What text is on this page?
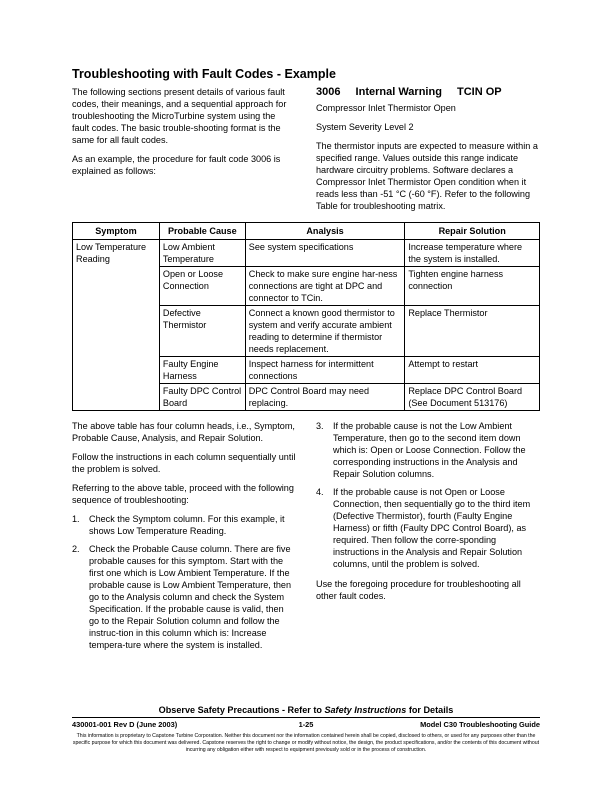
Troubleshooting with Fault Codes - Example

The following sections present details of various fault codes, their meanings, and a sequential approach for troubleshooting the MicroTurbine system using the fault codes. The basic trouble-shooting format is the same for all fault codes.

As an example, the procedure for fault code 3006 is explained as follows:

3006 Internal Warning TCIN OP

Compressor Inlet Thermistor Open

System Severity Level 2

The thermistor inputs are expected to measure within a specified range. Values outside this range indicate hardware circuitry problems. Software declares a Compressor Inlet Thermistor Open condition when it reads less than -51 °C (-60 °F). Refer to the following Table for troubleshooting matrix.

Symptom	Probable Cause	Analysis	Repair Solution
Low Temperature Reading	Low Ambient Temperature	See system specifications	Increase temperature where the system is installed.
	Open or Loose Connection	Check to make sure engine har-ness connections are tight at DPC and connector to TCin.	Tighten engine harness connection
	Defective Thermistor	Connect a known good thermistor to system and verify accurate ambient reading to determine if thermistor needs replacement.	Replace Thermistor
	Faulty Engine Harness	Inspect harness for intermittent connections	Attempt to restart
	Faulty DPC Control Board	DPC Control Board may need replacing.	Replace DPC Control Board (See Document 513176)

The above table has four column heads, i.e., Symptom, Probable Cause, Analysis, and Repair Solution.

Follow the instructions in each column sequentially until the problem is solved.

Referring to the above table, proceed with the following sequence of troubleshooting:

1. Check the Symptom column. For this example, it shows Low Temperature Reading.
2. Check the Probable Cause column. There are five probable causes for this symptom. Start with the first one which is Low Ambient Temperature. If the probable cause is Low Ambient Temperature, then go to the Analysis column and check the System Specification. If the probable cause is valid, then go to the Repair Solution column and follow the instruc-tion in this column which is: Increase tempera-ture where the system is installed.
3. If the probable cause is not the Low Ambient Temperature, then go to the second item down which is: Open or Loose Connection. Follow the corresponding instructions in the Analysis and Repair Solution columns.
4. If the probable cause is not Open or Loose Connection, then sequentially go to the third item (Defective Thermistor), fourth (Faulty Engine Harness) or fifth (Faulty DPC Control Board), as required. Then follow the corre-sponding instructions in the Analysis and Repair Solution columns, until the problem is solved.

Use the foregoing procedure for troubleshooting all other fault codes.

Observe Safety Precautions - Refer to Safety Instructions for Details
430001-001 Rev D (June 2003)	1-25	Model C30 Troubleshooting Guide
This information is proprietary to Capstone Turbine Corporation. Neither this document nor the information contained herein shall be copied, disclosed to others, or used for any purposes other than the specific purpose for which this document was delivered. Capstone reserves the right to change or modify without notice, the design, the product specifications, and/or the contents of this document without incurring any obligation either with respect to equipment previously sold or in the process of construction.
